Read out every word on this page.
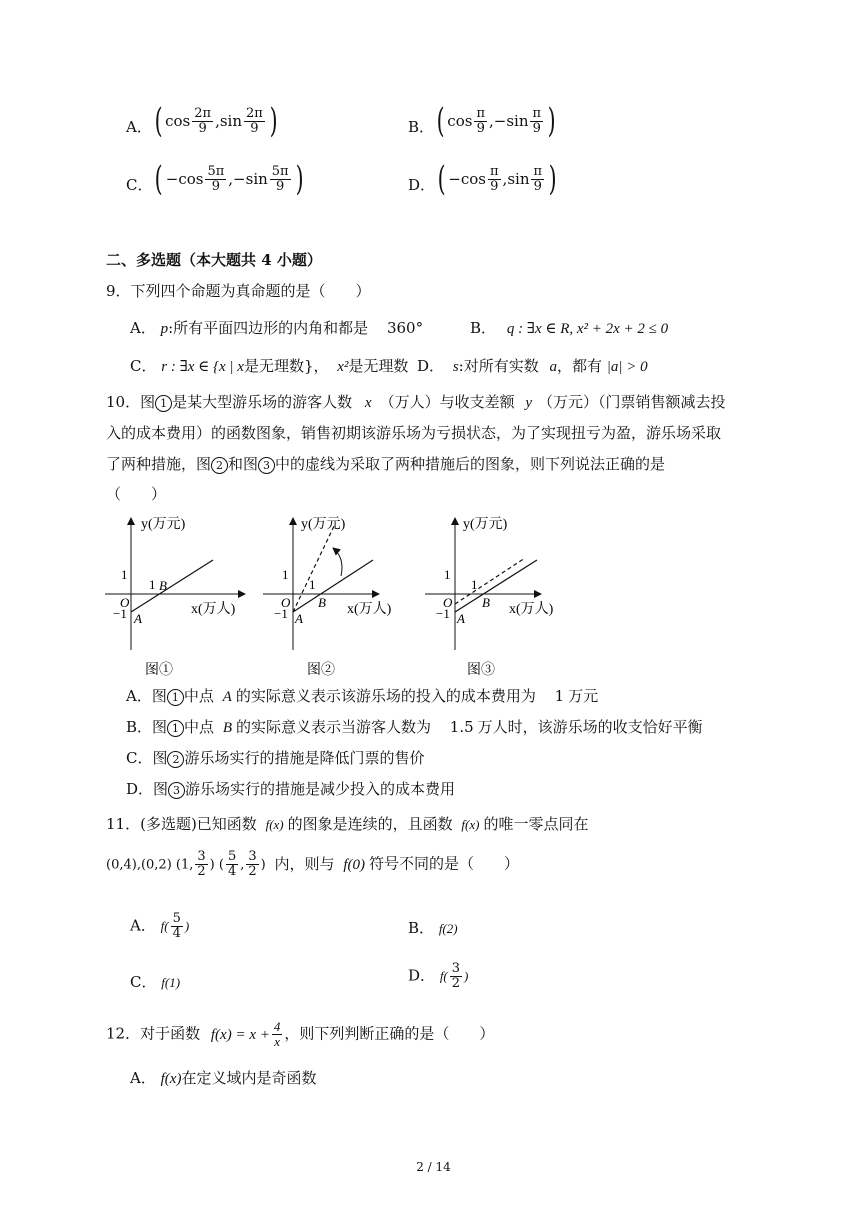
A． ( $\cos \frac{2\pi}{9}$ , $\sin \frac{2\pi}{9}$ )	B． ( $\cos \frac{\pi}{9}$ ,− $\sin \frac{\pi}{9}$ )
C． ( $-\cos \frac{5\pi}{9}$ ,− $\sin \frac{5\pi}{9}$ )	D． ( $-\cos \frac{\pi}{9}$ , $\sin \frac{\pi}{9}$ )
二、多选题（本大题共 4 小题）
9．下列四个命题为真命题的是（　　）
A． p:所有平面四边形的内角和都是 360°	B． q : ∃x ∈ R, x² + 2x + 2 ≤ 0
C． r : ∃x ∈ {x | x是无理数}， x²是无理数 D． s:对所有实数 a，都有 |a| > 0
10．图 1 是某大型游乐场的游客人数 x （万人）与收支差额 y （万元）（门票销售额减去投
入的成本费用）的函数图象，销售初期该游乐场为亏损状态，为了实现扭亏为盈，游乐场采取
了两种措施，图 2 和图 3 中的虚线为采取了两种措施后的图象，则下列说法正确的是
（　　）
y(万元)
x(万人)
O
1
−1
1 B
A
图①
y(万元)
x(万人)
O
1
−1
1
B
A
图②
y(万元)
x(万人)
O
1
−1
1
B
A
图③
A．图 1 中点 A 的实际意义表示该游乐场的投入的成本费用为 1 万元
B．图 1 中点 B 的实际意义表示当游客人数为 1.5 万人时，该游乐场的收支恰好平衡
C．图 2 游乐场实行的措施是降低门票的售价
D．图 3 游乐场实行的措施是减少投入的成本费用
11．(多选题)已知函数 f(x) 的图象是连续的，且函数 f(x) 的唯一零点同在
(0,4),(0,2) (1, $\frac{3}{2}$ ) ( $\frac{5}{4}$ , $\frac{3}{2}$ ) 内，则与 f(0) 符号不同的是（　　）
A． $f( \frac{5}{4}$ )	B． f(2)
C． f(1)	D． $f( \frac{3}{2}$ )
12．对于函数 $f(x) = x + \frac{4}{x}$ ，则下列判断正确的是（　　）
A． f(x)在定义域内是奇函数
2 / 14
